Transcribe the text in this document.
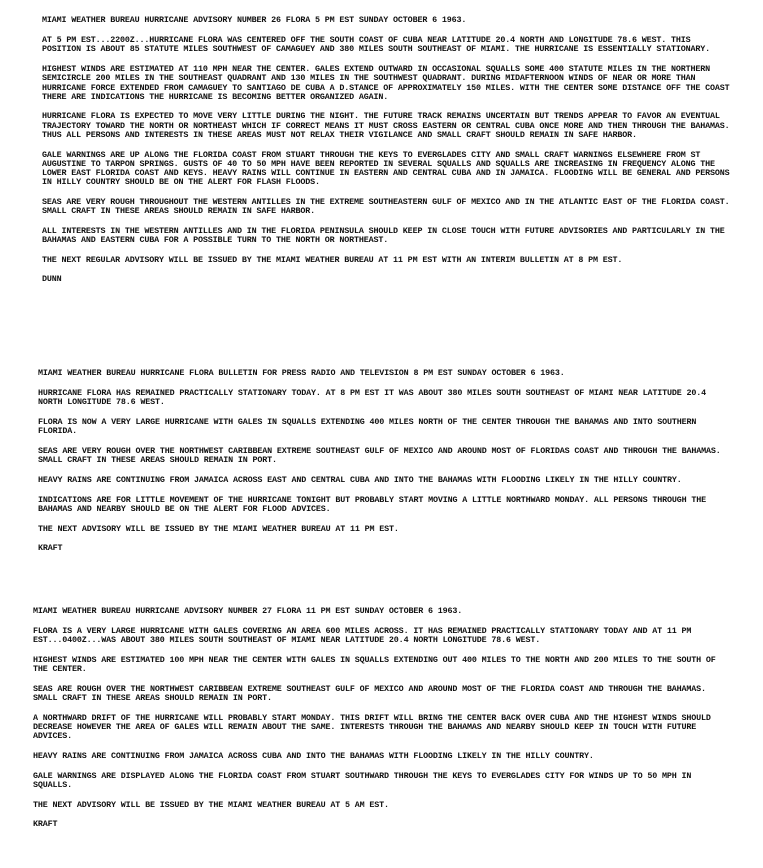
MIAMI WEATHER BUREAU HURRICANE ADVISORY NUMBER 26 FLORA 5 PM EST SUNDAY OCTOBER 6 1963.

AT 5 PM EST...2200Z...HURRICANE FLORA WAS CENTERED OFF THE SOUTH COAST OF CUBA NEAR LATITUDE 20.4 NORTH AND LONGITUDE 78.6 WEST. THIS POSITION IS ABOUT 85 STATUTE MILES SOUTHWEST OF CAMAGUEY AND 380 MILES SOUTH SOUTHEAST OF MIAMI. THE HURRICANE IS ESSENTIALLY STATIONARY.

HIGHEST WINDS ARE ESTIMATED AT 110 MPH NEAR THE CENTER. GALES EXTEND OUTWARD IN OCCASIONAL SQUALLS SOME 400 STATUTE MILES IN THE NORTHERN SEMICIRCLE 200 MILES IN THE SOUTHEAST QUADRANT AND 130 MILES IN THE SOUTHWEST QUADRANT. DURING MIDAFTERNOON WINDS OF NEAR OR MORE THAN HURRICANE FORCE EXTENDED FROM CAMAGUEY TO SANTIAGO DE CUBA A D.STANCE OF APPROXIMATELY 150 MILES. WITH THE CENTER SOME DISTANCE OFF THE COAST THERE ARE INDICATIONS THE HURRICANE IS BECOMING BETTER ORGANIZED AGAIN.

HURRICANE FLORA IS EXPECTED TO MOVE VERY LITTLE DURING THE NIGHT. THE FUTURE TRACK REMAINS UNCERTAIN BUT TRENDS APPEAR TO FAVOR AN EVENTUAL TRAJECTORY TOWARD THE NORTH OR NORTHEAST WHICH IF CORRECT MEANS IT MUST CROSS EASTERN OR CENTRAL CUBA ONCE MORE AND THEN THROUGH THE BAHAMAS. THUS ALL PERSONS AND INTERESTS IN THESE AREAS MUST NOT RELAX THEIR VIGILANCE AND SMALL CRAFT SHOULD REMAIN IN SAFE HARBOR.

GALE WARNINGS ARE UP ALONG THE FLORIDA COAST FROM STUART THROUGH THE KEYS TO EVERGLADES CITY AND SMALL CRAFT WARNINGS ELSEWHERE FROM ST AUGUSTINE TO TARPON SPRINGS. GUSTS OF 40 TO 50 MPH HAVE BEEN REPORTED IN SEVERAL SQUALLS AND SQUALLS ARE INCREASING IN FREQUENCY ALONG THE LOWER EAST FLORIDA COAST AND KEYS. HEAVY RAINS WILL CONTINUE IN EASTERN AND CENTRAL CUBA AND IN JAMAICA. FLOODING WILL BE GENERAL AND PERSONS IN HILLY COUNTRY SHOULD BE ON THE ALERT FOR FLASH FLOODS.

SEAS ARE VERY ROUGH THROUGHOUT THE WESTERN ANTILLES IN THE EXTREME SOUTHEASTERN GULF OF MEXICO AND IN THE ATLANTIC EAST OF THE FLORIDA COAST. SMALL CRAFT IN THESE AREAS SHOULD REMAIN IN SAFE HARBOR.

ALL INTERESTS IN THE WESTERN ANTILLES AND IN THE FLORIDA PENINSULA SHOULD KEEP IN CLOSE TOUCH WITH FUTURE ADVISORIES AND PARTICULARLY IN THE BAHAMAS AND EASTERN CUBA FOR A POSSIBLE TURN TO THE NORTH OR NORTHEAST.

THE NEXT REGULAR ADVISORY WILL BE ISSUED BY THE MIAMI WEATHER BUREAU AT 11 PM EST WITH AN INTERIM BULLETIN AT 8 PM EST.

DUNN

MIAMI WEATHER BUREAU HURRICANE FLORA BULLETIN FOR PRESS RADIO AND TELEVISION 8 PM EST SUNDAY OCTOBER 6 1963.

HURRICANE FLORA HAS REMAINED PRACTICALLY STATIONARY TODAY. AT 8 PM EST IT WAS ABOUT 380 MILES SOUTH SOUTHEAST OF MIAMI NEAR LATITUDE 20.4 NORTH LONGITUDE 78.6 WEST.

FLORA IS NOW A VERY LARGE HURRICANE WITH GALES IN SQUALLS EXTENDING 400 MILES NORTH OF THE CENTER THROUGH THE BAHAMAS AND INTO SOUTHERN FLORIDA.

SEAS ARE VERY ROUGH OVER THE NORTHWEST CARIBBEAN EXTREME SOUTHEAST GULF OF MEXICO AND AROUND MOST OF FLORIDAS COAST AND THROUGH THE BAHAMAS. SMALL CRAFT IN THESE AREAS SHOULD REMAIN IN PORT.

HEAVY RAINS ARE CONTINUING FROM JAMAICA ACROSS EAST AND CENTRAL CUBA AND INTO THE BAHAMAS WITH FLOODING LIKELY IN THE HILLY COUNTRY.

INDICATIONS ARE FOR LITTLE MOVEMENT OF THE HURRICANE TONIGHT BUT PROBABLY START MOVING A LITTLE NORTHWARD MONDAY. ALL PERSONS THROUGH THE BAHAMAS AND NEARBY SHOULD BE ON THE ALERT FOR FLOOD ADVICES.

THE NEXT ADVISORY WILL BE ISSUED BY THE MIAMI WEATHER BUREAU AT 11 PM EST.

KRAFT

MIAMI WEATHER BUREAU HURRICANE ADVISORY NUMBER 27 FLORA 11 PM EST SUNDAY OCTOBER 6 1963.

FLORA IS A VERY LARGE HURRICANE WITH GALES COVERING AN AREA 600 MILES ACROSS. IT HAS REMAINED PRACTICALLY STATIONARY TODAY AND AT 11 PM EST...0400Z...WAS ABOUT 380 MILES SOUTH SOUTHEAST OF MIAMI NEAR LATITUDE 20.4 NORTH LONGITUDE 78.6 WEST.

HIGHEST WINDS ARE ESTIMATED 100 MPH NEAR THE CENTER WITH GALES IN SQUALLS EXTENDING OUT 400 MILES TO THE NORTH AND 200 MILES TO THE SOUTH OF THE CENTER.

SEAS ARE ROUGH OVER THE NORTHWEST CARIBBEAN EXTREME SOUTHEAST GULF OF MEXICO AND AROUND MOST OF THE FLORIDA COAST AND THROUGH THE BAHAMAS. SMALL CRAFT IN THESE AREAS SHOULD REMAIN IN PORT.

A NORTHWARD DRIFT OF THE HURRICANE WILL PROBABLY START MONDAY. THIS DRIFT WILL BRING THE CENTER BACK OVER CUBA AND THE HIGHEST WINDS SHOULD DECREASE HOWEVER THE AREA OF GALES WILL REMAIN ABOUT THE SAME. INTERESTS THROUGH THE BAHAMAS AND NEARBY SHOULD KEEP IN TOUCH WITH FUTURE ADVICES.

HEAVY RAINS ARE CONTINUING FROM JAMAICA ACROSS CUBA AND INTO THE BAHAMAS WITH FLOODING LIKELY IN THE HILLY COUNTRY.

GALE WARNINGS ARE DISPLAYED ALONG THE FLORIDA COAST FROM STUART SOUTHWARD THROUGH THE KEYS TO EVERGLADES CITY FOR WINDS UP TO 50 MPH IN SQUALLS.

THE NEXT ADVISORY WILL BE ISSUED BY THE MIAMI WEATHER BUREAU AT 5 AM EST.

KRAFT
